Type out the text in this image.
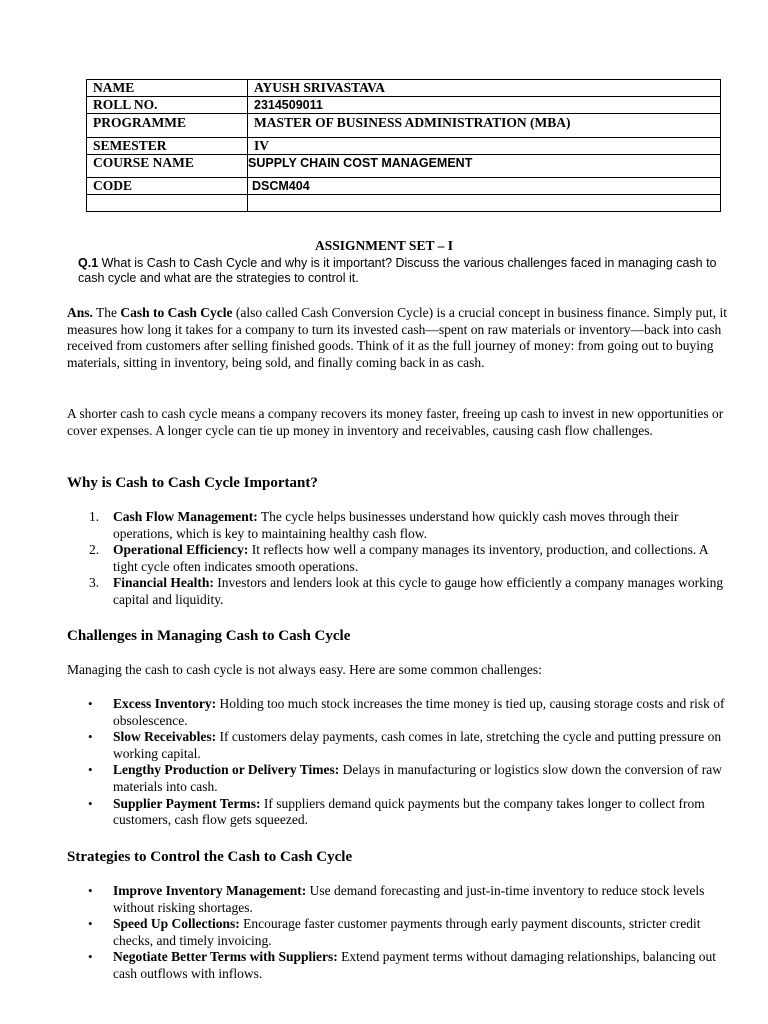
NAME	AYUSH SRIVASTAVA
ROLL NO.	2314509011
PROGRAMME	MASTER OF BUSINESS ADMINISTRATION (MBA)
SEMESTER	IV
COURSE NAME	SUPPLY CHAIN COST MANAGEMENT
CODE	DSCM404

ASSIGNMENT SET – I
Q.1 What is Cash to Cash Cycle and why is it important? Discuss the various challenges faced in managing cash to cash cycle and what are the strategies to control it.
Ans. The Cash to Cash Cycle (also called Cash Conversion Cycle) is a crucial concept in business finance. Simply put, it measures how long it takes for a company to turn its invested cash—spent on raw materials or inventory—back into cash received from customers after selling finished goods. Think of it as the full journey of money: from going out to buying materials, sitting in inventory, being sold, and finally coming back in as cash.
A shorter cash to cash cycle means a company recovers its money faster, freeing up cash to invest in new opportunities or cover expenses. A longer cycle can tie up money in inventory and receivables, causing cash flow challenges.
Why is Cash to Cash Cycle Important?
1. Cash Flow Management: The cycle helps businesses understand how quickly cash moves through their operations, which is key to maintaining healthy cash flow.
2. Operational Efficiency: It reflects how well a company manages its inventory, production, and collections. A tight cycle often indicates smooth operations.
3. Financial Health: Investors and lenders look at this cycle to gauge how efficiently a company manages working capital and liquidity.
Challenges in Managing Cash to Cash Cycle
Managing the cash to cash cycle is not always easy. Here are some common challenges:
• Excess Inventory: Holding too much stock increases the time money is tied up, causing storage costs and risk of obsolescence.
• Slow Receivables: If customers delay payments, cash comes in late, stretching the cycle and putting pressure on working capital.
• Lengthy Production or Delivery Times: Delays in manufacturing or logistics slow down the conversion of raw materials into cash.
• Supplier Payment Terms: If suppliers demand quick payments but the company takes longer to collect from customers, cash flow gets squeezed.
Strategies to Control the Cash to Cash Cycle
• Improve Inventory Management: Use demand forecasting and just-in-time inventory to reduce stock levels without risking shortages.
• Speed Up Collections: Encourage faster customer payments through early payment discounts, stricter credit checks, and timely invoicing.
• Negotiate Better Terms with Suppliers: Extend payment terms without damaging relationships, balancing out cash outflows with inflows.
